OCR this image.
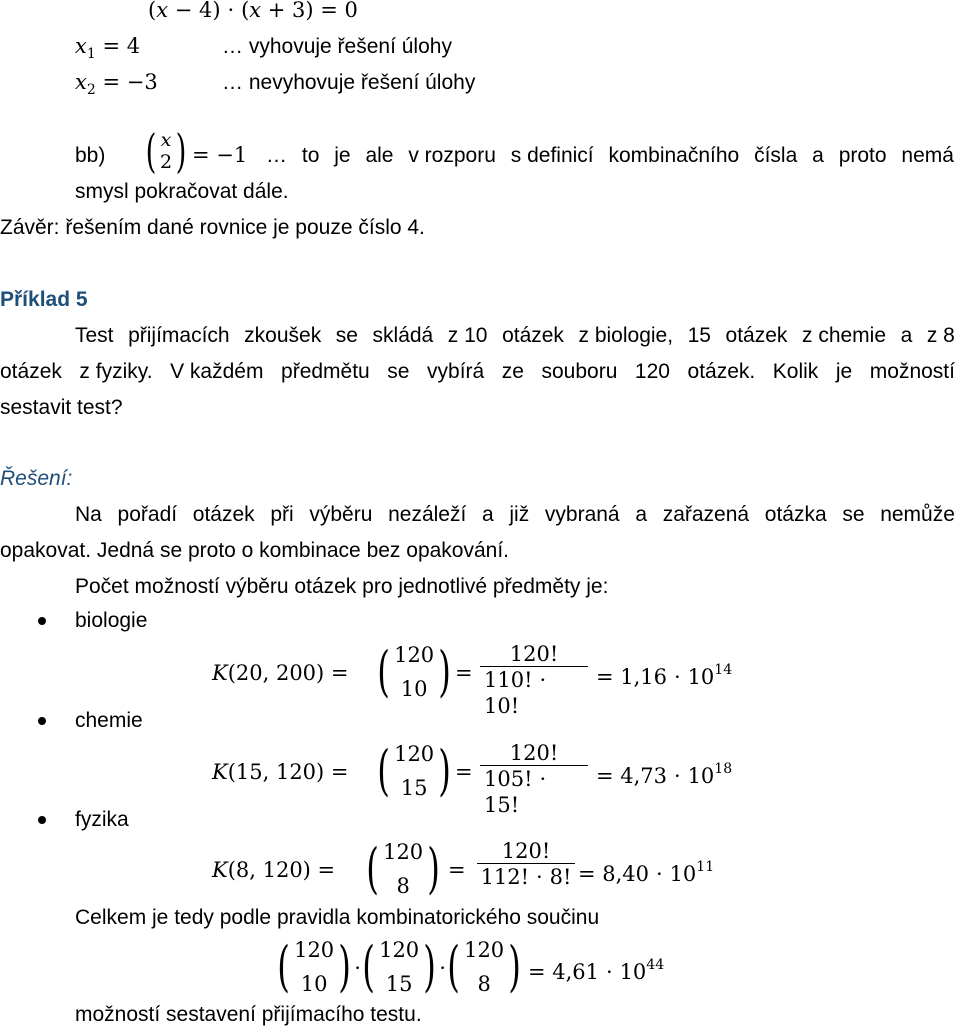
(𝑥 − 4) ⋅ (𝑥 + 3) = 0
𝑥$_1$ = 4	… vyhovuje řešení úlohy
𝑥$_2$ = −3	… nevyhovuje řešení úlohy
bb) ( 𝑥
2 ) = −1 … to je ale v rozporu s definicí kombinačního čísla a proto nemá
smysl pokračovat dále.
Závěr: řešením dané rovnice je pouze číslo 4.
Příklad 5
Test přijímacích zkoušek se skládá z 10 otázek z biologie, 15 otázek z chemie a z 8
otázek z fyziky. V každém předmětu se vybírá ze souboru 120 otázek. Kolik je možností
sestavit test?
Řešení:
Na pořadí otázek při výběru nezáleží a již vybraná a zařazená otázka se nemůže
opakovat. Jedná se proto o kombinace bez opakování.
Počet možností výběru otázek pro jednotlivé předměty je:
biologie
𝐾(20, 200) = ( 120
10 ) = $\frac{120!}{110! \cdot 10!} = 1,16 \cdot 10^{14}$
chemie
𝐾(15, 120) = ( 120
15 ) = $\frac{120!}{105! \cdot 15!} = 4,73 \cdot 10^{18}$
fyzika
𝐾(8, 120) = ( 120
8 ) = $\frac{120!}{112! \cdot 8!} = 8,40 \cdot 10^{11}$
Celkem je tedy podle pravidla kombinatorického součinu
( 120
10 ) ⋅ ( 120
15 ) ⋅ ( 120
8 ) = $4,61 \cdot 10^{44}$
možností sestavení přijímacího testu.
